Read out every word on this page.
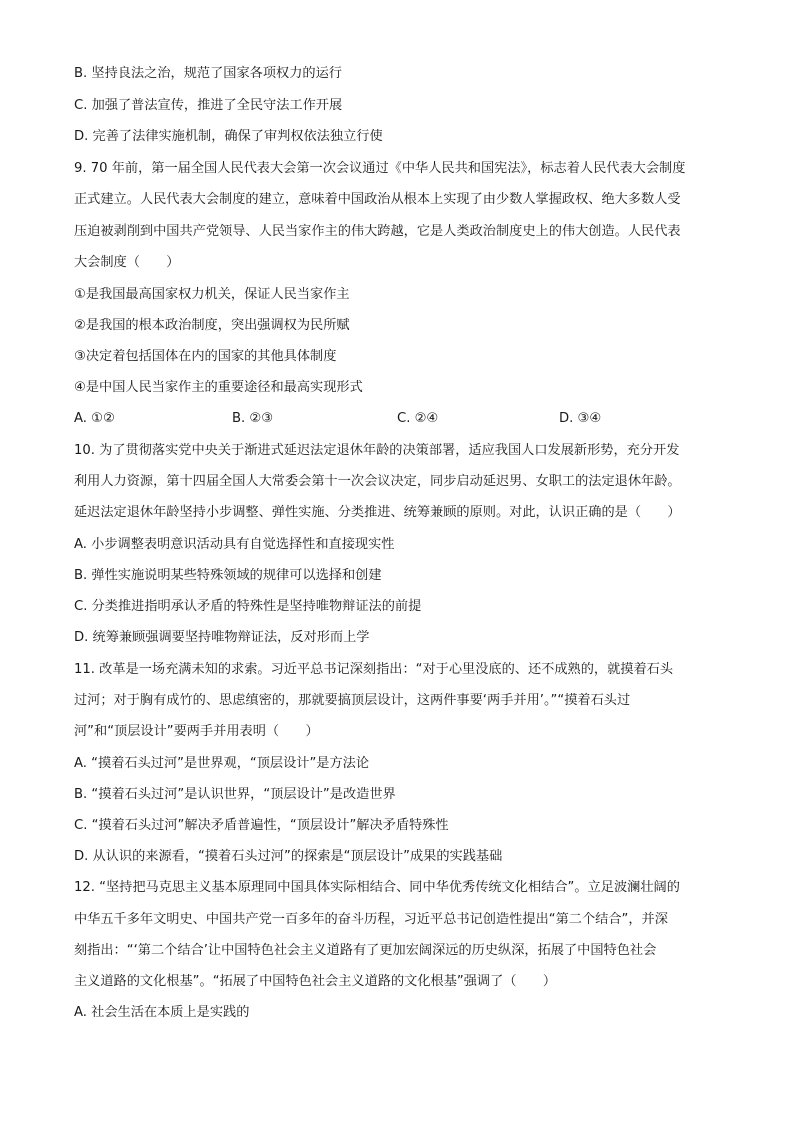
B. 坚持良法之治，规范了国家各项权力的运行
C. 加强了普法宣传，推进了全民守法工作开展
D. 完善了法律实施机制，确保了审判权依法独立行使
9. 70 年前，第一届全国人民代表大会第一次会议通过《中华人民共和国宪法》，标志着人民代表大会制度
正式建立。人民代表大会制度的建立，意味着中国政治从根本上实现了由少数人掌握政权、绝大多数人受
压迫被剥削到中国共产党领导、人民当家作主的伟大跨越，它是人类政治制度史上的伟大创造。人民代表
大会制度（　　）
①是我国最高国家权力机关，保证人民当家作主
②是我国的根本政治制度，突出强调权为民所赋
③决定着包括国体在内的国家的其他具体制度
④是中国人民当家作主的重要途径和最高实现形式
A. ①②	B. ②③	C. ②④	D. ③④
10. 为了贯彻落实党中央关于渐进式延迟法定退休年龄的决策部署，适应我国人口发展新形势，充分开发
利用人力资源，第十四届全国人大常委会第十一次会议决定，同步启动延迟男、女职工的法定退休年龄。
延迟法定退休年龄坚持小步调整、弹性实施、分类推进、统筹兼顾的原则。对此，认识正确的是（　　）
A. 小步调整表明意识活动具有自觉选择性和直接现实性
B. 弹性实施说明某些特殊领域的规律可以选择和创建
C. 分类推进指明承认矛盾的特殊性是坚持唯物辩证法的前提
D. 统筹兼顾强调要坚持唯物辩证法，反对形而上学
11. 改革是一场充满未知的求索。习近平总书记深刻指出：“对于心里没底的、还不成熟的，就摸着石头
过河；对于胸有成竹的、思虑缜密的，那就要搞顶层设计，这两件事要‘两手并用’。”“摸着石头过
河”和“顶层设计”要两手并用表明（　　）
A. “摸着石头过河”是世界观，“顶层设计”是方法论
B. “摸着石头过河”是认识世界，“顶层设计”是改造世界
C. “摸着石头过河”解决矛盾普遍性，“顶层设计”解决矛盾特殊性
D. 从认识的来源看，“摸着石头过河”的探索是“顶层设计”成果的实践基础
12. “坚持把马克思主义基本原理同中国具体实际相结合、同中华优秀传统文化相结合”。立足波澜壮阔的
中华五千多年文明史、中国共产党一百多年的奋斗历程，习近平总书记创造性提出“第二个结合”，并深
刻指出：“‘第二个结合’让中国特色社会主义道路有了更加宏阔深远的历史纵深，拓展了中国特色社会
主义道路的文化根基”。“拓展了中国特色社会主义道路的文化根基”强调了（　　）
A. 社会生活在本质上是实践的
